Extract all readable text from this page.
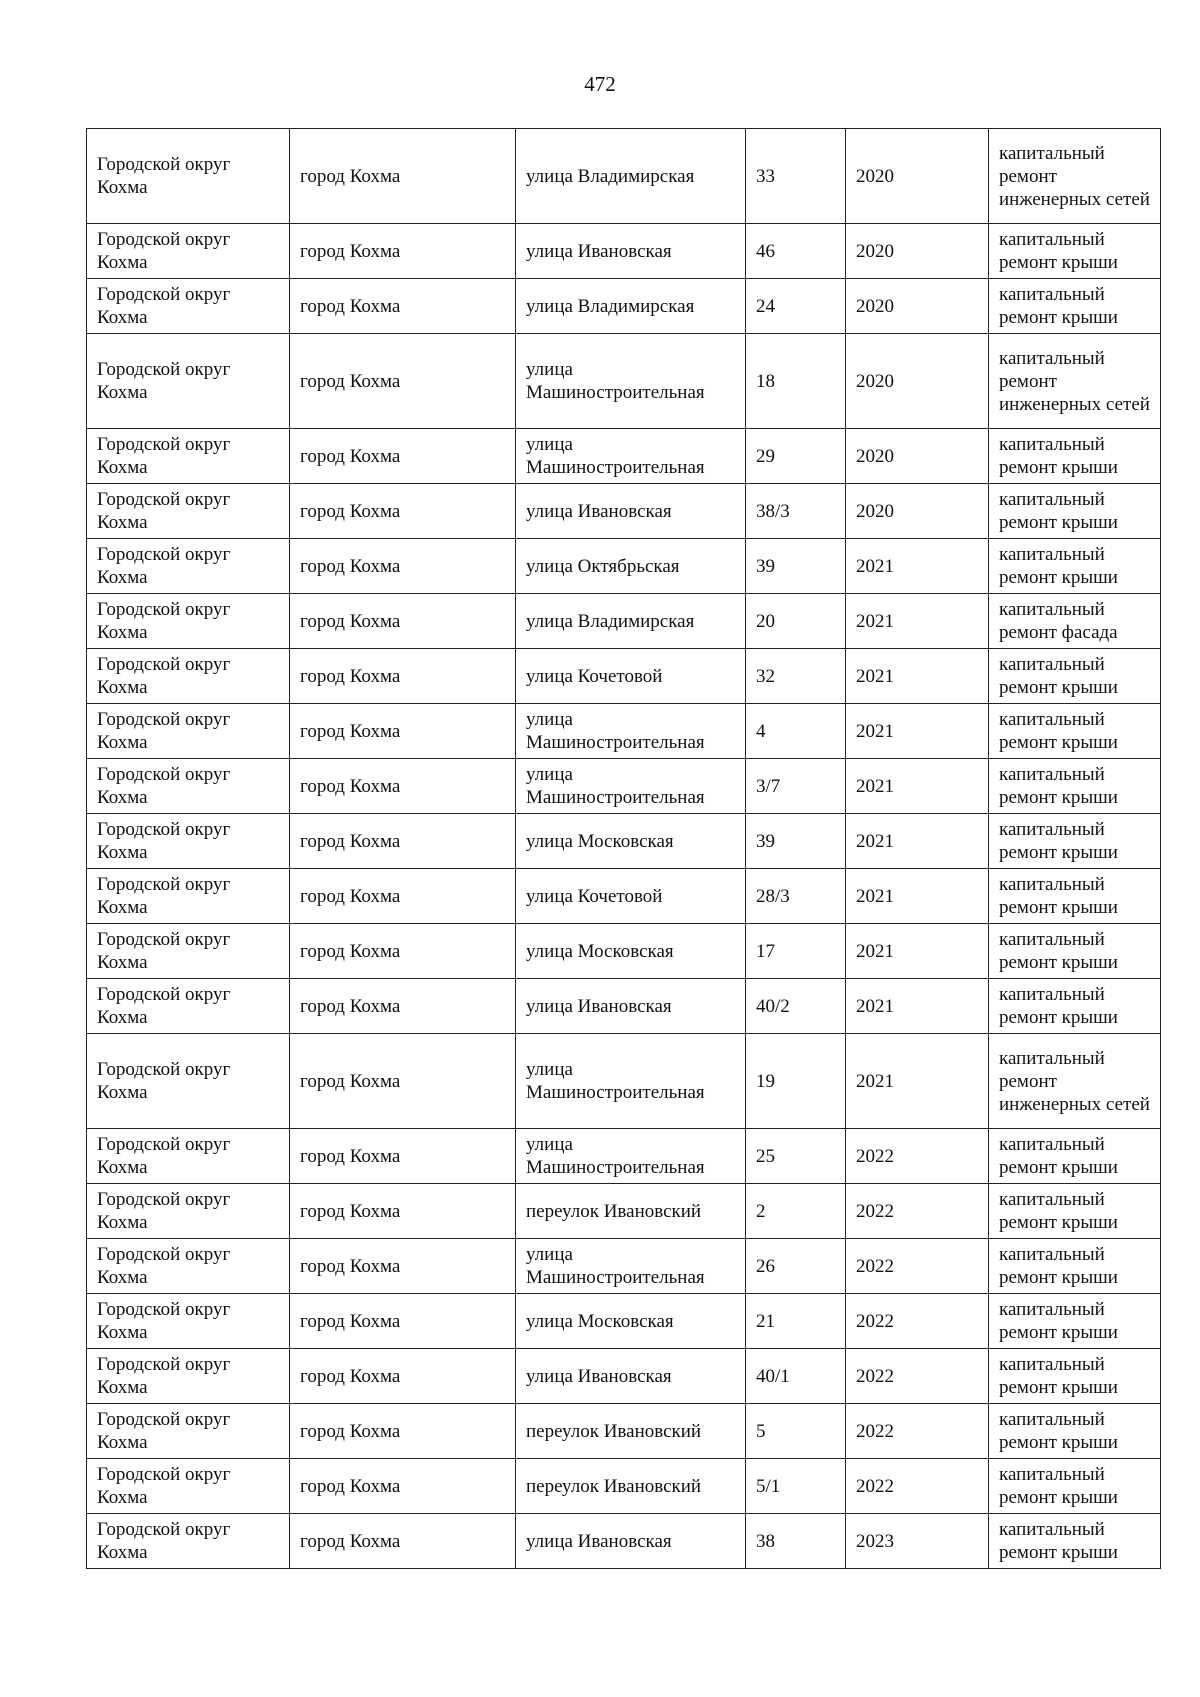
472
Городской округ Кохма	город Кохма	улица Владимирская	33	2020	капитальный ремонт инженерных сетей
Городской округ Кохма	город Кохма	улица Ивановская	46	2020	капитальный ремонт крыши
Городской округ Кохма	город Кохма	улица Владимирская	24	2020	капитальный ремонт крыши
Городской округ Кохма	город Кохма	улица Машиностроительная	18	2020	капитальный ремонт инженерных сетей
Городской округ Кохма	город Кохма	улица Машиностроительная	29	2020	капитальный ремонт крыши
Городской округ Кохма	город Кохма	улица Ивановская	38/3	2020	капитальный ремонт крыши
Городской округ Кохма	город Кохма	улица Октябрьская	39	2021	капитальный ремонт крыши
Городской округ Кохма	город Кохма	улица Владимирская	20	2021	капитальный ремонт фасада
Городской округ Кохма	город Кохма	улица Кочетовой	32	2021	капитальный ремонт крыши
Городской округ Кохма	город Кохма	улица Машиностроительная	4	2021	капитальный ремонт крыши
Городской округ Кохма	город Кохма	улица Машиностроительная	3/7	2021	капитальный ремонт крыши
Городской округ Кохма	город Кохма	улица Московская	39	2021	капитальный ремонт крыши
Городской округ Кохма	город Кохма	улица Кочетовой	28/3	2021	капитальный ремонт крыши
Городской округ Кохма	город Кохма	улица Московская	17	2021	капитальный ремонт крыши
Городской округ Кохма	город Кохма	улица Ивановская	40/2	2021	капитальный ремонт крыши
Городской округ Кохма	город Кохма	улица Машиностроительная	19	2021	капитальный ремонт инженерных сетей
Городской округ Кохма	город Кохма	улица Машиностроительная	25	2022	капитальный ремонт крыши
Городской округ Кохма	город Кохма	переулок Ивановский	2	2022	капитальный ремонт крыши
Городской округ Кохма	город Кохма	улица Машиностроительная	26	2022	капитальный ремонт крыши
Городской округ Кохма	город Кохма	улица Московская	21	2022	капитальный ремонт крыши
Городской округ Кохма	город Кохма	улица Ивановская	40/1	2022	капитальный ремонт крыши
Городской округ Кохма	город Кохма	переулок Ивановский	5	2022	капитальный ремонт крыши
Городской округ Кохма	город Кохма	переулок Ивановский	5/1	2022	капитальный ремонт крыши
Городской округ Кохма	город Кохма	улица Ивановская	38	2023	капитальный ремонт крыши
